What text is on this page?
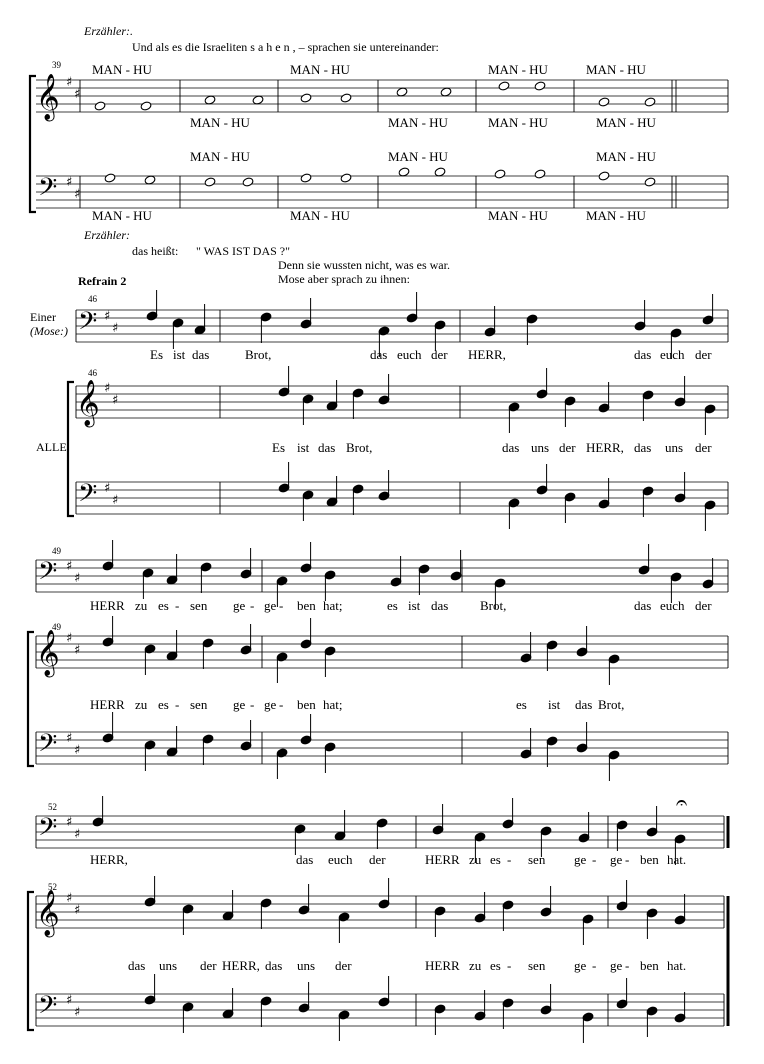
𝄞 ♯
♯
𝄢 ♯
♯
𝄢 ♯
♯
𝄞 ♯
♯
𝄢 ♯
♯
𝄢 ♯
♯
𝄞 ♯
♯
𝄢 ♯
♯
𝄢 ♯
♯
𝄞 ♯
♯
𝄢 ♯
♯
Erzähler:.
Und als es die Israeliten s a h e n , – sprachen sie untereinander:
39 MAN - HU	MAN - HU	MAN - HU	MAN - HU
MAN - HU	MAN - HU	MAN - HU	MAN - HU
MAN - HU	MAN - HU	MAN - HU
MAN - HU	MAN - HU	MAN - HU	MAN - HU
Erzähler:
das heißt: " WAS IST DAS ?"
Denn sie wussten nicht, was es war.
Mose aber sprach zu ihnen:
Refrain 2
46
Einer
(Mose:)
46
ALLE
Es ist das	Brot,	das euch der HERR,	das euch der
Es ist das Brot,	das uns der HERR, das uns der
49
49
HERR zu es - sen ge - ge - ben hat;	es ist das Brot,	das euch der
HERR zu es - sen ge - ge - ben hat;	es ist das Brot,
52
52
𝄐
HERR,	das euch der	HERR zu es - sen ge - ge - ben hat.
das uns der HERR, das uns der	HERR zu es - sen ge - ge - ben hat.
